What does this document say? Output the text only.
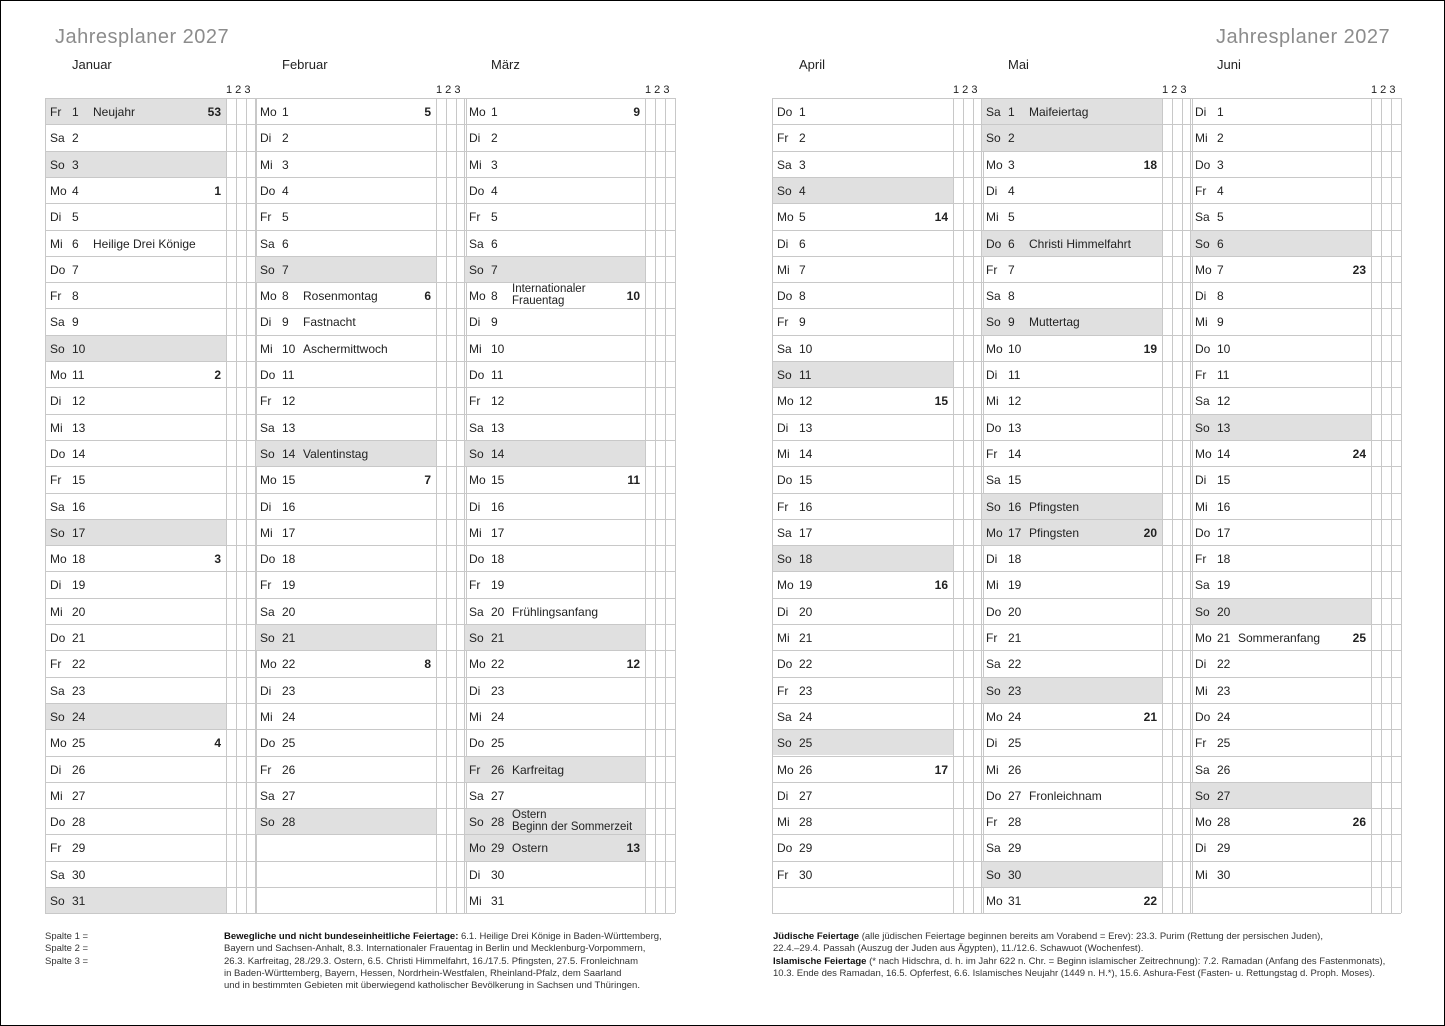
Jahresplaner 2027	Jahresplaner 2027
Januar
1 2 3
Fr 1 Neujahr	53
Sa 2
So 3
Mo 4	1
Di 5
Mi 6 Heilige Drei Könige
Do 7
Fr 8
Sa 9
So 10
Mo 11	2
Di 12
Mi 13
Do 14
Fr 15
Sa 16
So 17
Mo 18	3
Di 19
Mi 20
Do 21
Fr 22
Sa 23
So 24
Mo 25	4
Di 26
Mi 27
Do 28
Fr 29
Sa 30
So 31
Februar
1 2 3
Mo 1	5
Di 2
Mi 3
Do 4
Fr 5
Sa 6
So 7
Mo 8 Rosenmontag	6
Di 9 Fastnacht
Mi 10 Aschermittwoch
Do 11
Fr 12
Sa 13
So 14 Valentinstag
Mo 15	7
Di 16
Mi 17
Do 18
Fr 19
Sa 20
So 21
Mo 22	8
Di 23
Mi 24
Do 25
Fr 26
Sa 27
So 28
März
1 2 3
Mo 1	9
Di 2
Mi 3
Do 4
Fr 5
Sa 6
So 7
Mo 8 Internationaler
Frauentag	10
Di 9
Mi 10
Do 11
Fr 12
Sa 13
So 14
Mo 15	11
Di 16
Mi 17
Do 18
Fr 19
Sa 20 Frühlingsanfang
So 21
Mo 22	12
Di 23
Mi 24
Do 25
Fr 26 Karfreitag
Sa 27
So 28 Ostern
Beginn der Sommerzeit
Mo 29 Ostern	13
Di 30
Mi 31
April
1 2 3
Do 1
Fr 2
Sa 3
So 4
Mo 5	14
Di 6
Mi 7
Do 8
Fr 9
Sa 10
So 11
Mo 12	15
Di 13
Mi 14
Do 15
Fr 16
Sa 17
So 18
Mo 19	16
Di 20
Mi 21
Do 22
Fr 23
Sa 24
So 25
Mo 26	17
Di 27
Mi 28
Do 29
Fr 30
Mai
1 2 3
Sa 1 Maifeiertag
So 2
Mo 3	18
Di 4
Mi 5
Do 6 Christi Himmelfahrt
Fr 7
Sa 8
So 9 Muttertag
Mo 10	19
Di 11
Mi 12
Do 13
Fr 14
Sa 15
So 16 Pfingsten
Mo 17 Pfingsten	20
Di 18
Mi 19
Do 20
Fr 21
Sa 22
So 23
Mo 24	21
Di 25
Mi 26
Do 27 Fronleichnam
Fr 28
Sa 29
So 30
Mo 31	22
Juni
1 2 3
Di 1
Mi 2
Do 3
Fr 4
Sa 5
So 6
Mo 7	23
Di 8
Mi 9
Do 10
Fr 11
Sa 12
So 13
Mo 14	24
Di 15
Mi 16
Do 17
Fr 18
Sa 19
So 20
Mo 21 Sommeranfang	25
Di 22
Mi 23
Do 24
Fr 25
Sa 26
So 27
Mo 28	26
Di 29
Mi 30
Spalte 1 =
Spalte 2 =
Spalte 3 =
Bewegliche und nicht bundeseinheitliche Feiertage: 6.1. Heilige Drei Könige in Baden-Württemberg,
Bayern und Sachsen-Anhalt, 8.3. Internationaler Frauentag in Berlin und Mecklenburg-Vorpommern,
26.3. Karfreitag, 28./29.3. Ostern, 6.5. Christi Himmelfahrt, 16./17.5. Pfingsten, 27.5. Fronleichnam
in Baden-Württemberg, Bayern, Hessen, Nordrhein-Westfalen, Rheinland-Pfalz, dem Saarland
und in bestimmten Gebieten mit überwiegend katholischer Bevölkerung in Sachsen und Thüringen.
Jüdische Feiertage (alle jüdischen Feiertage beginnen bereits am Vorabend = Erev): 23.3. Purim (Rettung der persischen Juden),
22.4.–29.4. Passah (Auszug der Juden aus Ägypten), 11./12.6. Schawuot (Wochenfest).
Islamische Feiertage (* nach Hidschra, d. h. im Jahr 622 n. Chr. = Beginn islamischer Zeitrechnung): 7.2. Ramadan (Anfang des Fastenmonats),
10.3. Ende des Ramadan, 16.5. Opferfest, 6.6. Islamisches Neujahr (1449 n. H.*), 15.6. Ashura-Fest (Fasten- u. Rettungstag d. Proph. Moses).
